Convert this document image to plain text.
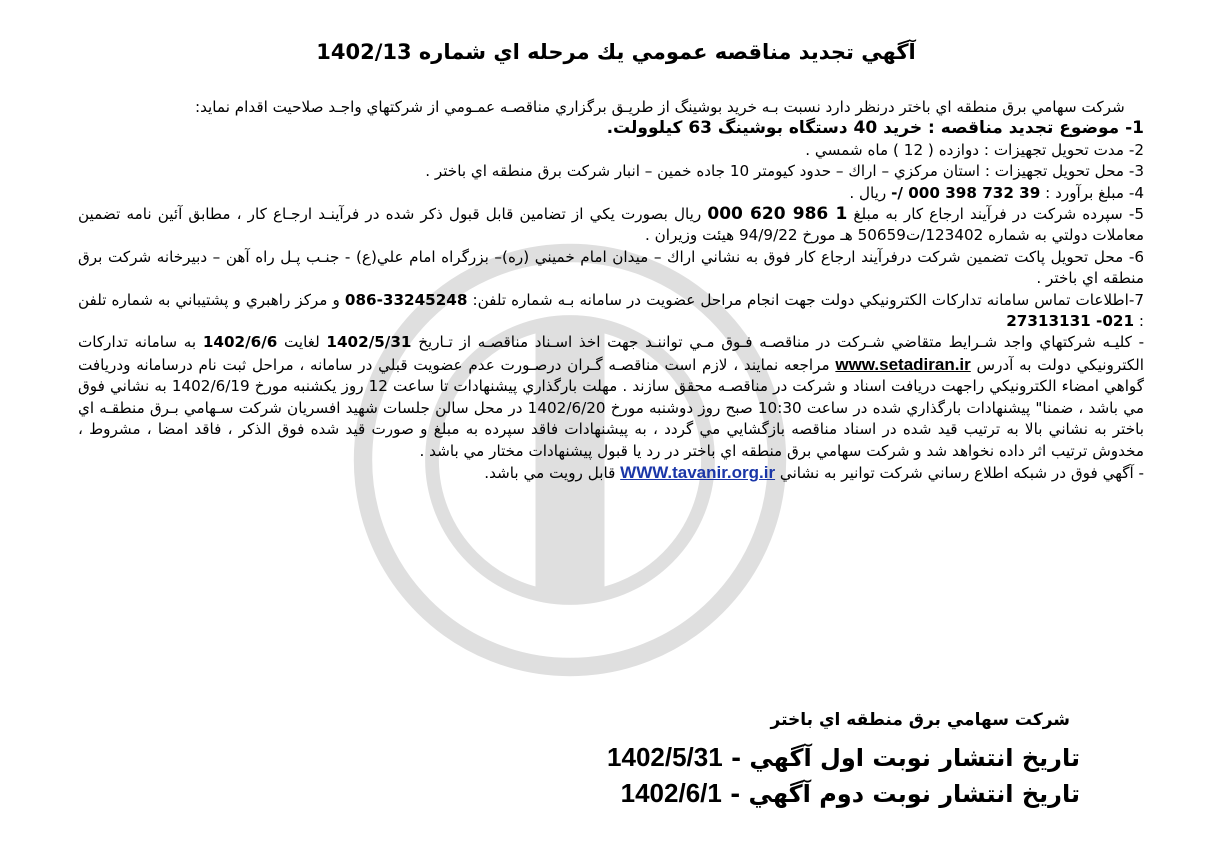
آگهي تجديد مناقصه عمومي يك مرحله اي شماره 1402/13

شركت سهامي برق منطقه اي باختر درنظر دارد نسبت بـه خريد بوشينگ از طريـق برگزاري مناقصـه عمـومي از شركتهاي واجـد صلاحيت اقدام نمايد:

1- موضوع تجديد مناقصه : خريد 40 دستگاه بوشينگ 63 كيلوولت.

2- مدت تحويل تجهيزات : دوازده ( 12 ) ماه شمسي .

3- محل تحويل تجهيزات : استان مركزي – اراك – حدود كيومتر 10 جاده خمين – انبار شركت برق منطقه اي باختر .

4- مبلغ برآورد : -/ 000 398 732 39 ريال .

5- سپرده شركت در فرآيند ارجاع كار به مبلغ 000 620 986 1 ريال بصورت يكي از تضامين قابل قبول ذكر شده در فرآينـد ارجـاع كار ، مطابق آئين نامه تضمين معاملات دولتي به شماره 123402/ت50659 هـ مورخ 94/9/22 هيئت وزيران .

6- محل تحويل پاكت تضمين شركت درفرآيند ارجاع كار فوق به نشاني اراك – ميدان امام خميني (ره)– بزرگراه امام علي(ع) - جنـب پـل راه آهن – دبيرخانه شركت برق منطقه اي باختر .

7-اطلاعات تماس سامانه تداركات الكترونيكي دولت جهت انجام مراحل عضويت در سامانه بـه شماره تلفن: 086-33245248 و مركز راهبري و پشتيباني به شماره تلفن : 27313131 -021

- كليـه شركتهاي واجد شـرايط متقاضي شـركت در مناقصـه فـوق مـي تواننـد جهت اخذ اسـناد مناقصـه از تـاريخ 1402/5/31 لغايت 1402/6/6 به سامانه تداركات الكترونيكي دولت به آدرس www.setadiran.ir مراجعه نمايند ، لازم است مناقصـه گـران درصـورت عدم عضويت قبلي در سامانه ، مراحل ثبت نام درسامانه ودريافت گواهي امضاء الكترونيكي راجهت دريافت اسناد و شركت در مناقصـه محقق سازند . مهلت بارگذاري پيشنهادات تا ساعت 12 روز يكشنبه مورخ 1402/6/19 به نشاني فوق مي باشد ، ضمنا" پيشنهادات بارگذاري شده در ساعت 10:30 صبح روز دوشنبه مورخ 1402/6/20 در محل سالن جلسات شهيد افسريان شركت سـهامي بـرق منطقـه اي باختر به نشاني بالا به ترتيب قيد شده در اسناد مناقصه بازگشايي مي گردد ، به پيشنهادات فاقد سپرده به مبلغ و صورت قيد شده فوق الذكر ، فاقد امضا ، مشروط ، مخدوش ترتيب اثر داده نخواهد شد و شركت سهامي برق منطقه اي باختر در رد يا قبول پيشنهادات مختار مي باشد .

- آگهي فوق در شبكه اطلاع رساني شركت توانير به نشاني WWW.tavanir.org.ir قابل رويت مي باشد.

شركت سهامي برق منطقه اي باختر
تاريخ انتشار نوبت اول آگهي - 1402/5/31
تاريخ انتشار نوبت دوم آگهي - 1402/6/1
